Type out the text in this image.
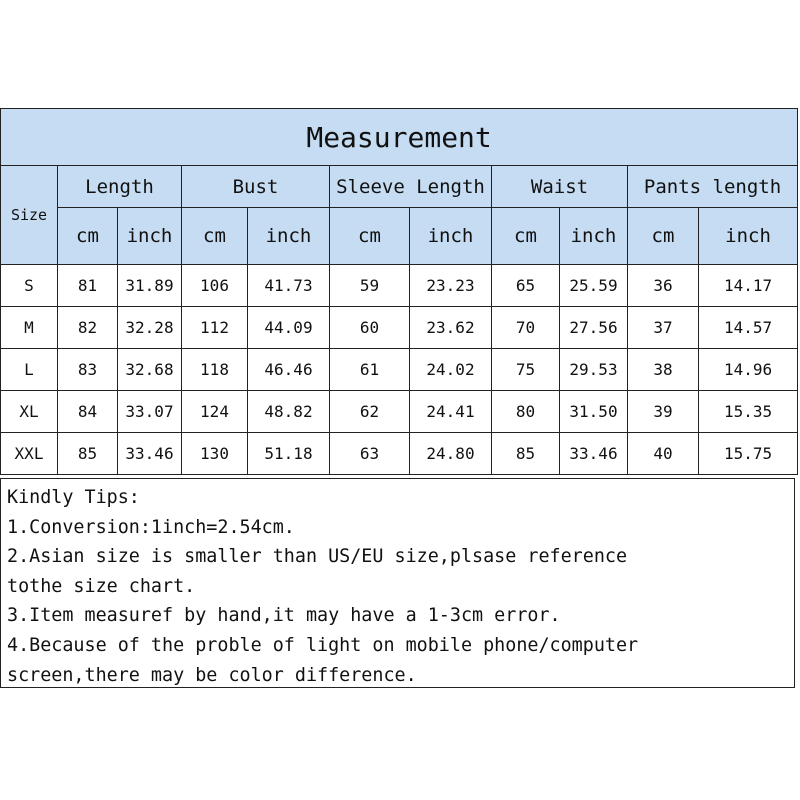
Measurement										
Size	Length		Bust		Sleeve Length		Waist		Pants length	
	cm	inch	cm	inch	cm	inch	cm	inch	cm	inch
S	81	31.89	106	41.73	59	23.23	65	25.59	36	14.17
M	82	32.28	112	44.09	60	23.62	70	27.56	37	14.57
L	83	32.68	118	46.46	61	24.02	75	29.53	38	14.96
XL	84	33.07	124	48.82	62	24.41	80	31.50	39	15.35
XXL	85	33.46	130	51.18	63	24.80	85	33.46	40	15.75
Kindly Tips:
1.Conversion:1inch=2.54cm.
2.Asian size is smaller than US/EU size,plsase reference
tothe size chart.
3.Item measuref by hand,it may have a 1-3cm error.
4.Because of the proble of light on mobile phone/computer
screen,there may be color difference.
